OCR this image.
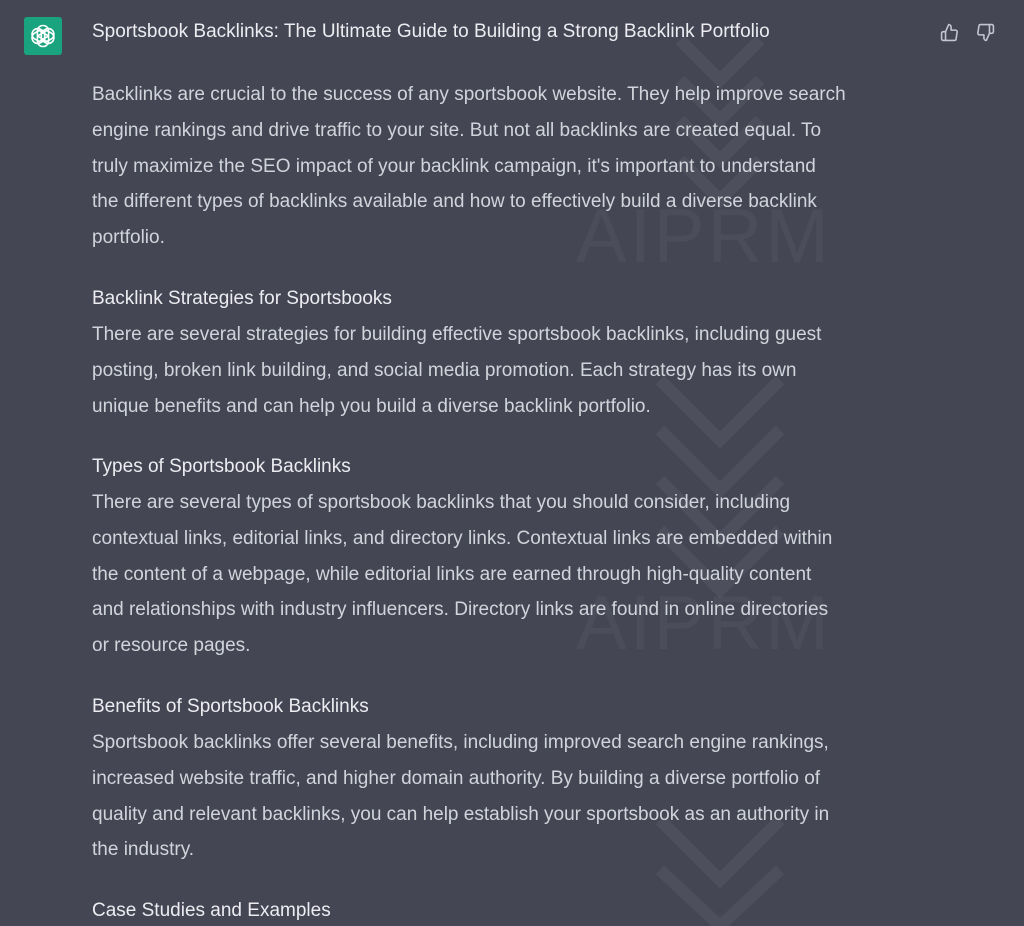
Sportsbook Backlinks: The Ultimate Guide to Building a Strong Backlink Portfolio
Backlinks are crucial to the success of any sportsbook website. They help improve search
engine rankings and drive traffic to your site. But not all backlinks are created equal. To
truly maximize the SEO impact of your backlink campaign, it's important to understand
the different types of backlinks available and how to effectively build a diverse backlink
portfolio.
Backlink Strategies for Sportsbooks
There are several strategies for building effective sportsbook backlinks, including guest
posting, broken link building, and social media promotion. Each strategy has its own
unique benefits and can help you build a diverse backlink portfolio.
Types of Sportsbook Backlinks
There are several types of sportsbook backlinks that you should consider, including
contextual links, editorial links, and directory links. Contextual links are embedded within
the content of a webpage, while editorial links are earned through high-quality content
and relationships with industry influencers. Directory links are found in online directories
or resource pages.
Benefits of Sportsbook Backlinks
Sportsbook backlinks offer several benefits, including improved search engine rankings,
increased website traffic, and higher domain authority. By building a diverse portfolio of
quality and relevant backlinks, you can help establish your sportsbook as an authority in
the industry.
Case Studies and Examples
